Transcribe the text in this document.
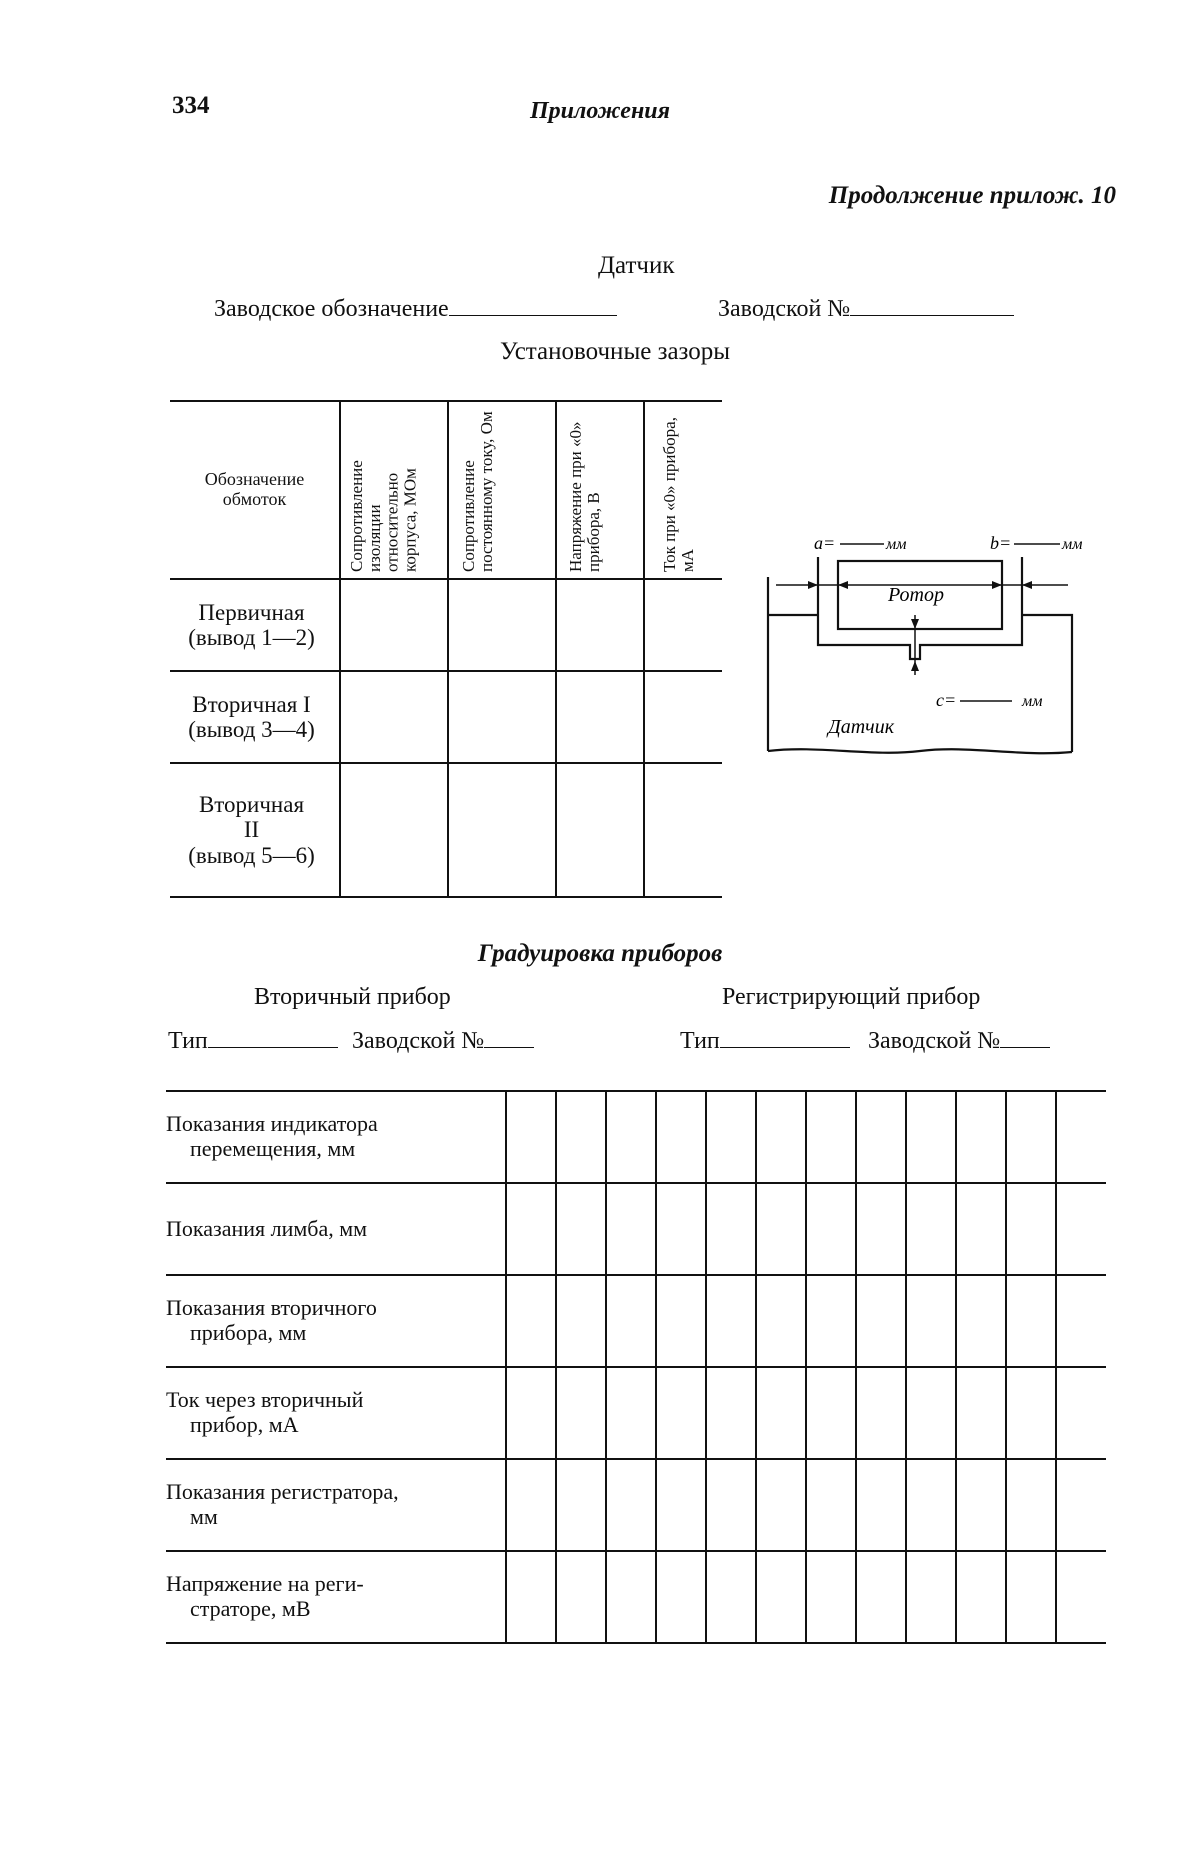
334	Приложения
Продолжение прилож. 10
Датчик
Заводское обозначение	Заводской №
Установочные зазоры
Обозначение обмоток	Сопротивление изоляции относительно корпуса, МОм	Сопротивление постоянному току, Ом	Напряжение при «0» прибора, В	Ток при «0» прибора, мА

Первичная
(вывод 1—2)				

Вторичная I
(вывод 3—4)				

Вторичная
II
(вывод 5—6)				

a=	мм	b=	мм
Ротор
c=	мм
Датчик
Градуировка приборов
Вторичный прибор	Регистрирующий прибор
Тип	Заводской №	Тип	Заводской №
Показания индикатора
перемещения, мм												

Показания лимба, мм												

Показания вторичного
прибора, мм												

Ток через вторичный
прибор, мА												

Показания регистратора,
мм												

Напряжение на реги-
страторе, мВ												
